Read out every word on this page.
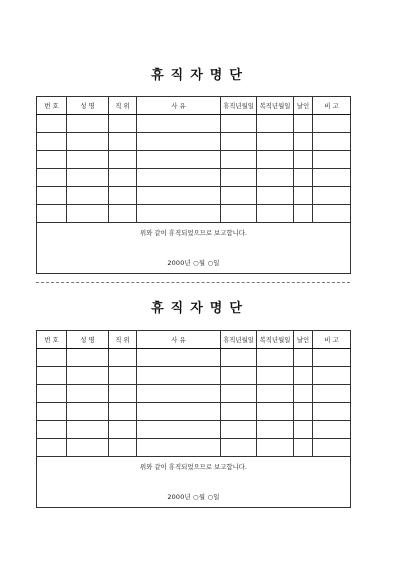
휴직자명단
번 호	성 명	직 위	사 유	휴직년월일	복직년월일	날인	비 고

위와 같이 휴직되었으므로 보고합니다.
2000년 ○월 ○일							
휴직자명단
번 호	성 명	직 위	사 유	휴직년월일	복직년월일	날인	비 고

위와 같이 휴직되었으므로 보고합니다.
2000년 ○월 ○일							
